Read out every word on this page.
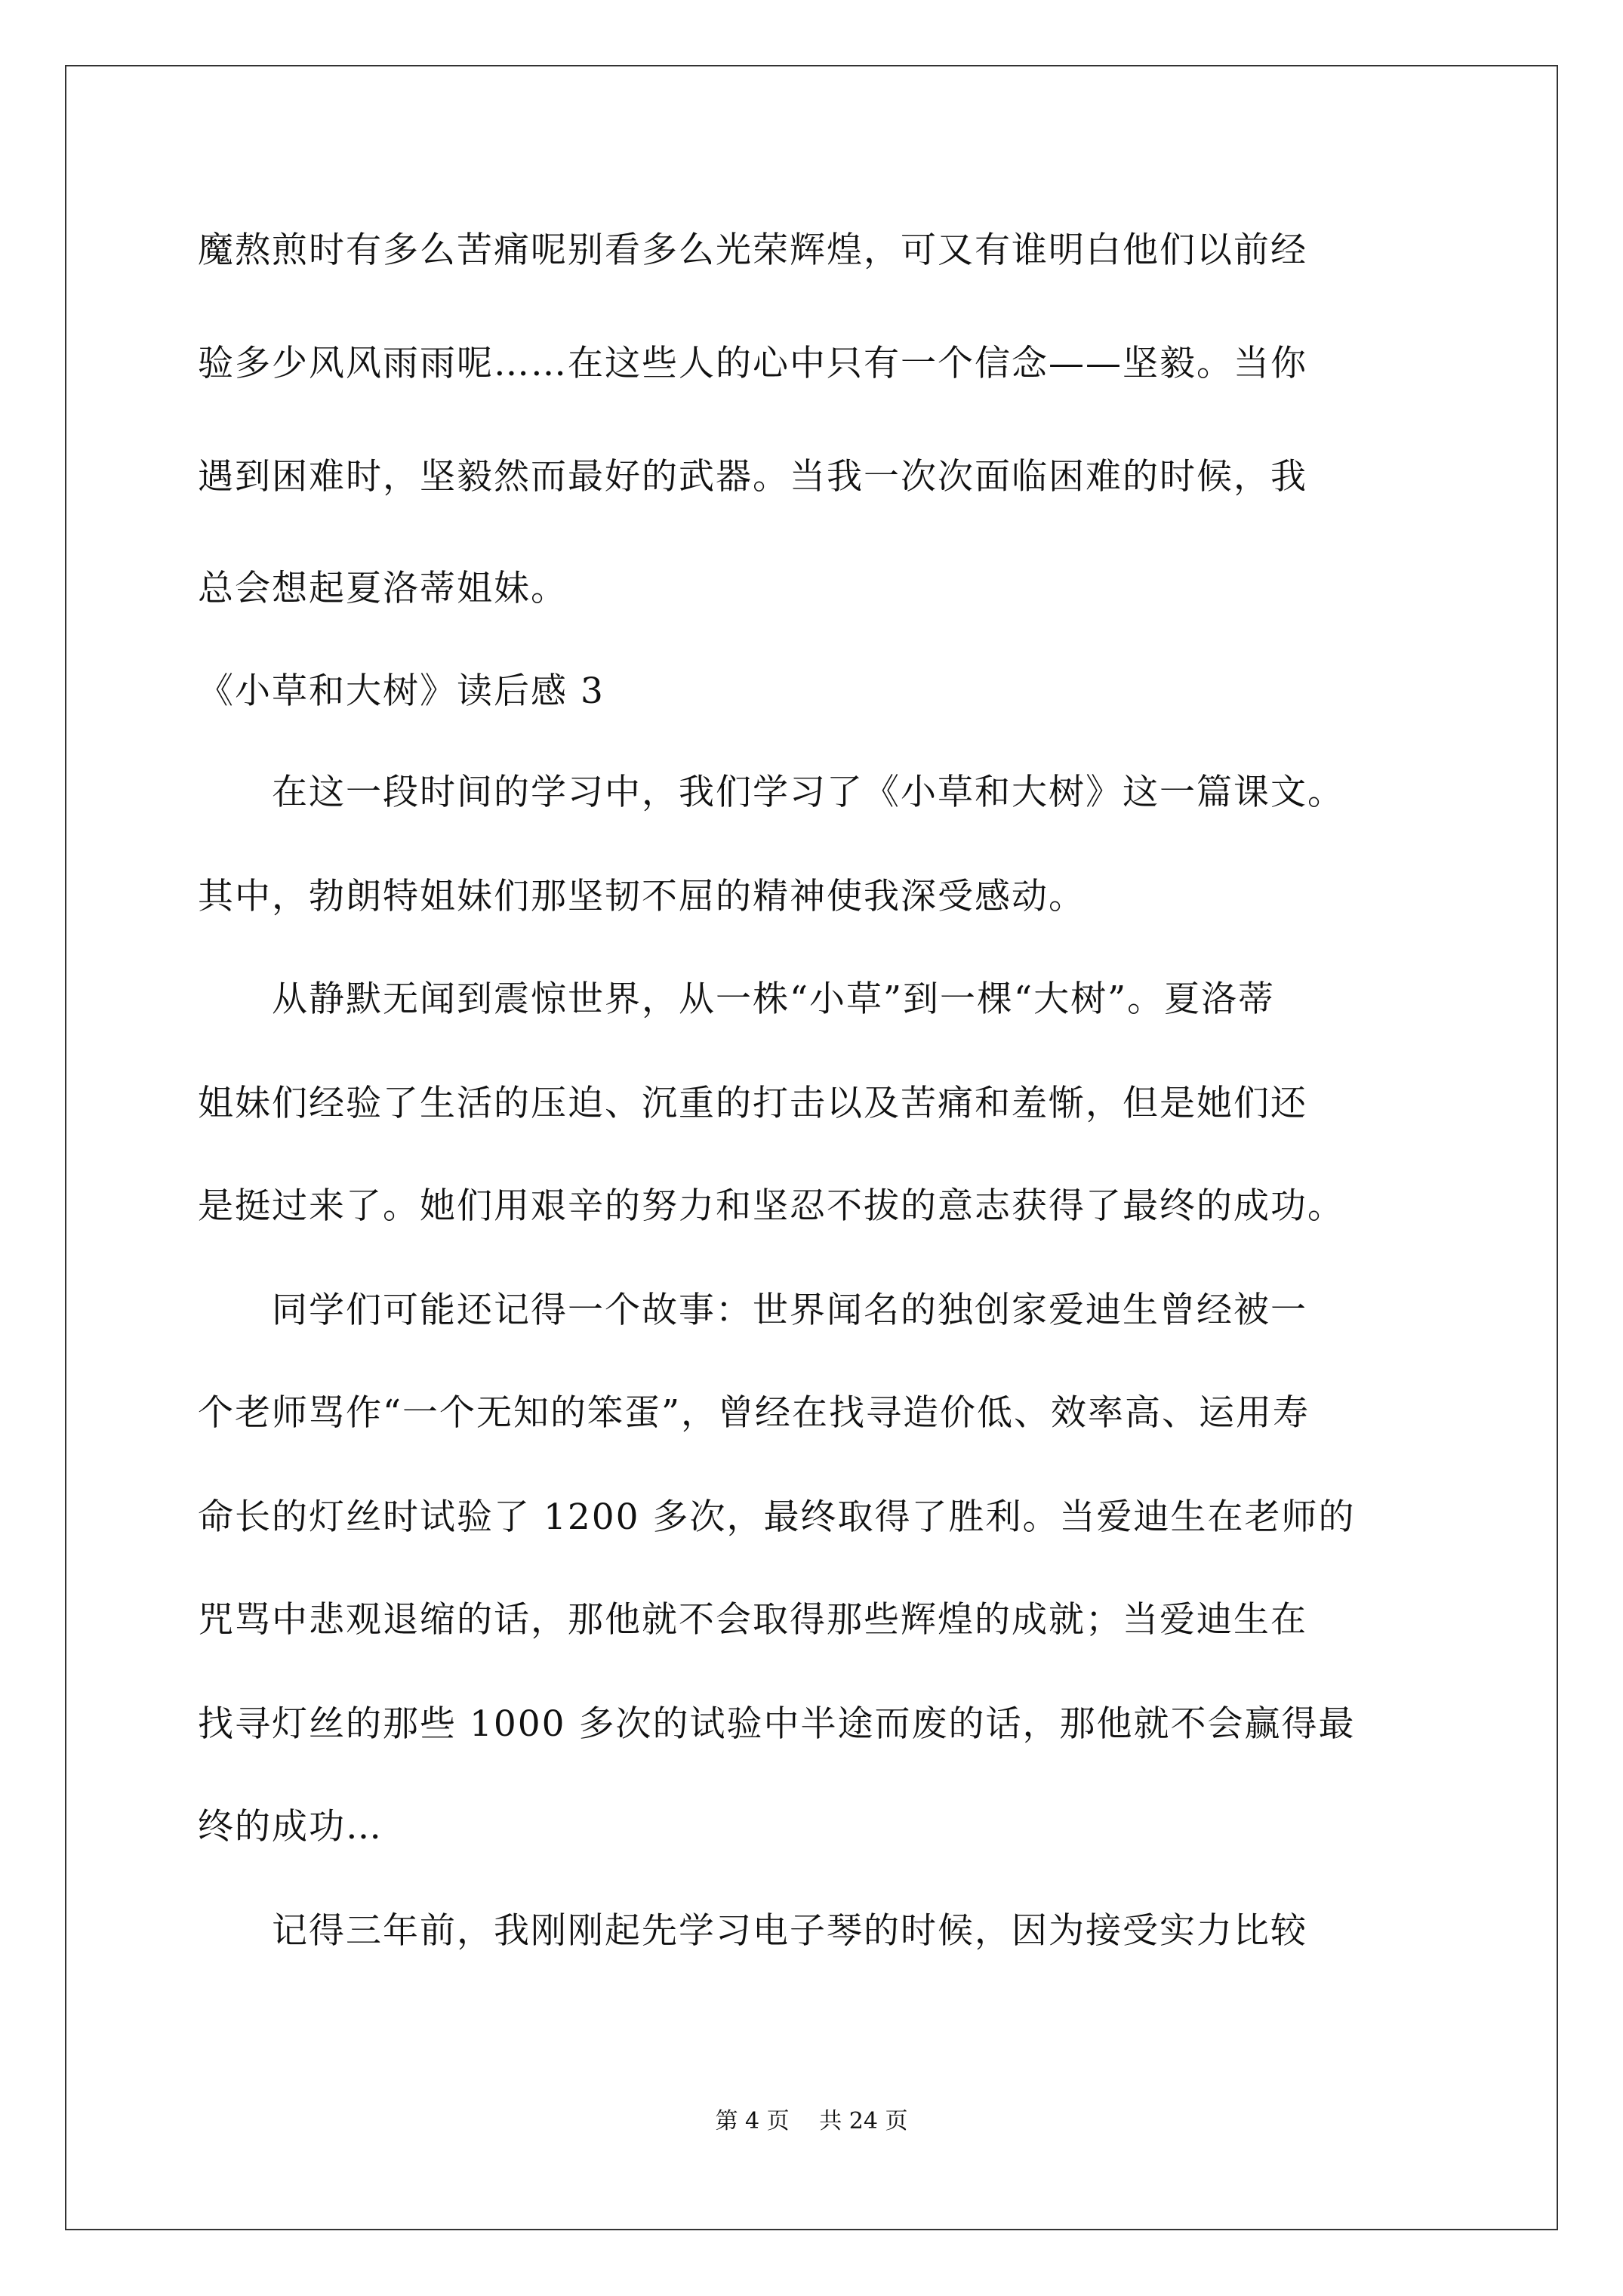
魔熬煎时有多么苦痛呢别看多么光荣辉煌，可又有谁明白他们以前经
验多少风风雨雨呢……在这些人的心中只有一个信念——坚毅。当你
遇到困难时，坚毅然而最好的武器。当我一次次面临困难的时候，我
总会想起夏洛蒂姐妹。
《小草和大树》读后感 3
　　在这一段时间的学习中，我们学习了《小草和大树》这一篇课文。
其中，勃朗特姐妹们那坚韧不屈的精神使我深受感动。
　　从静默无闻到震惊世界，从一株“小草”到一棵“大树”。夏洛蒂
姐妹们经验了生活的压迫、沉重的打击以及苦痛和羞惭，但是她们还
是挺过来了。她们用艰辛的努力和坚忍不拔的意志获得了最终的成功。
　　同学们可能还记得一个故事：世界闻名的独创家爱迪生曾经被一
个老师骂作“一个无知的笨蛋”，曾经在找寻造价低、效率高、运用寿
命长的灯丝时试验了 1200 多次，最终取得了胜利。当爱迪生在老师的
咒骂中悲观退缩的话，那他就不会取得那些辉煌的成就；当爱迪生在
找寻灯丝的那些 1000 多次的试验中半途而废的话，那他就不会赢得最
终的成功…
　　记得三年前，我刚刚起先学习电子琴的时候，因为接受实力比较
第 4 页　 共 24 页
